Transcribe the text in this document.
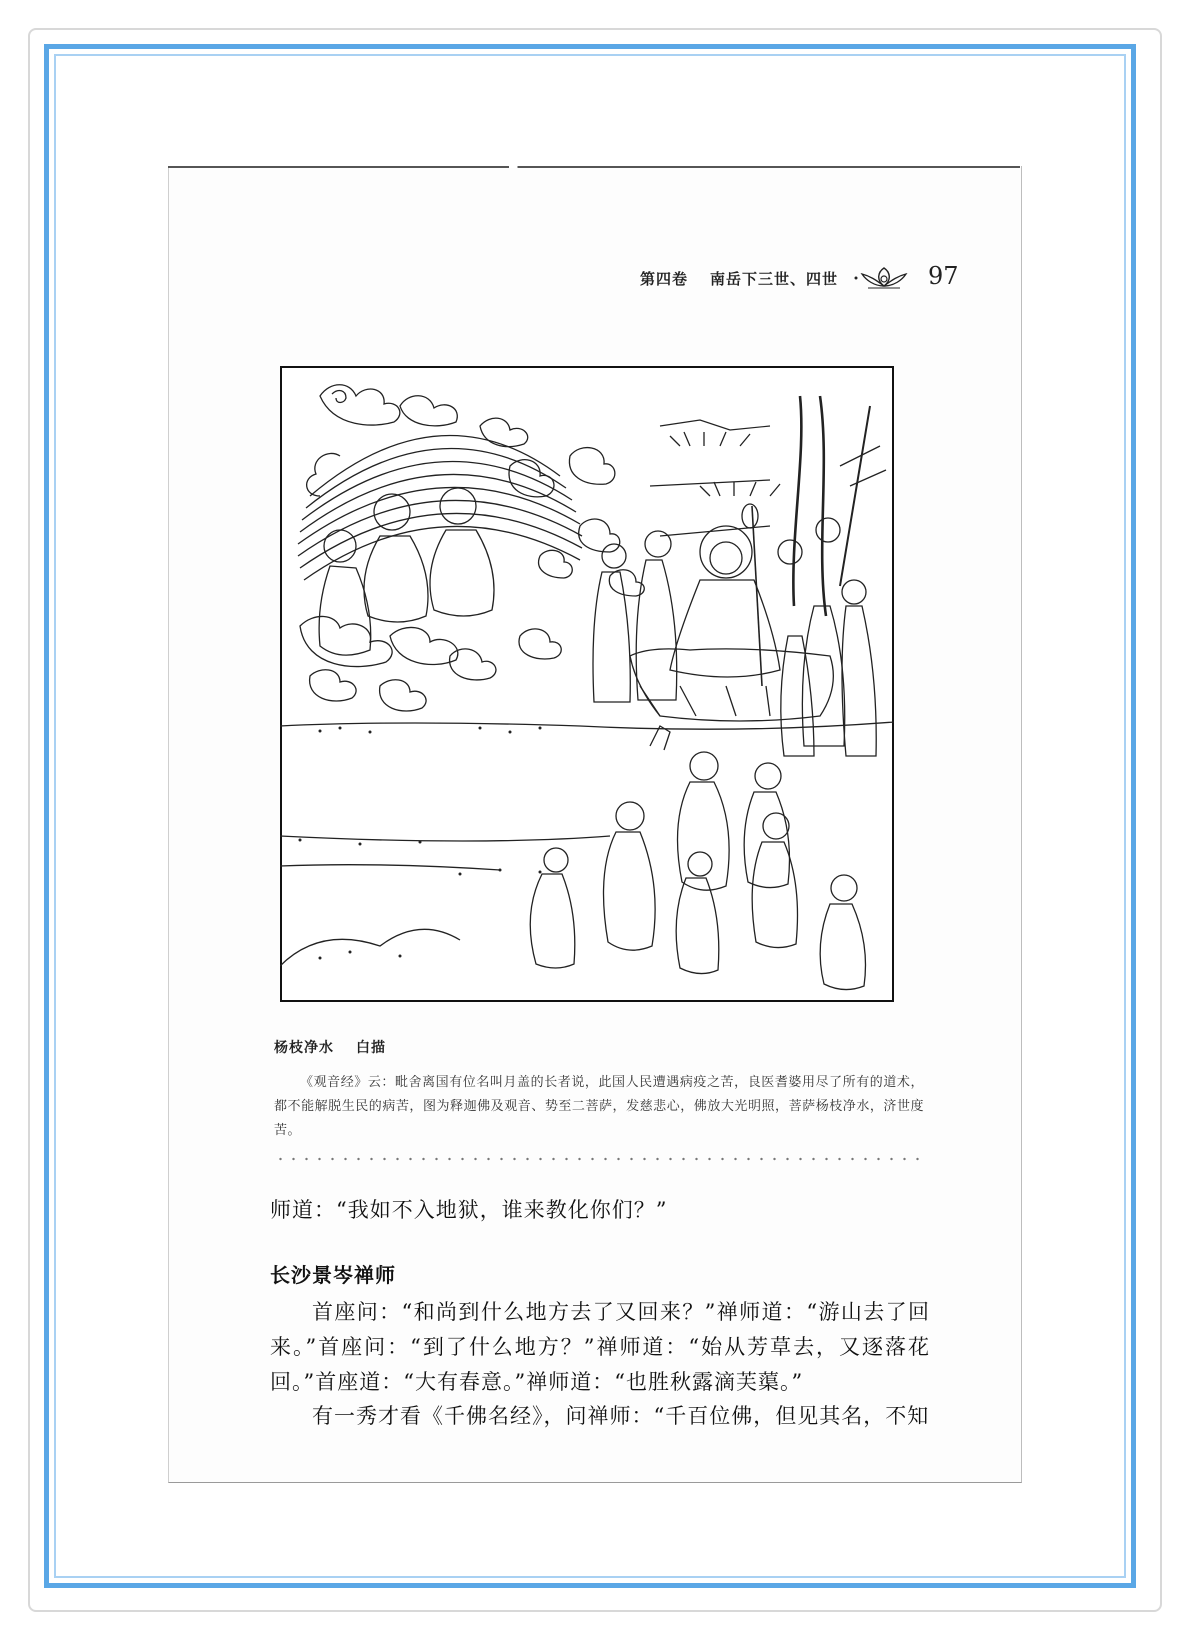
第四卷 南岳下三世、四世	97
杨枝净水 白描
《观音经》云：毗舍离国有位名叫月盖的长者说，此国人民遭遇病疫之苦，良医耆婆用尽了所有的道术，都不能解脱生民的病苦，图为释迦佛及观音、势至二菩萨，发慈悲心，佛放大光明照，菩萨杨枝净水，济世度苦。
师道：“我如不入地狱，谁来教化你们？”
长沙景岑禅师
首座问：“和尚到什么地方去了又回来？”禅师道：“游山去了回来。”首座问：“到了什么地方？”禅师道：“始从芳草去，又逐落花回。”首座道：“大有春意。”禅师道：“也胜秋露滴芙蕖。”
有一秀才看《千佛名经》，问禅师：“千百位佛，但见其名，不知
